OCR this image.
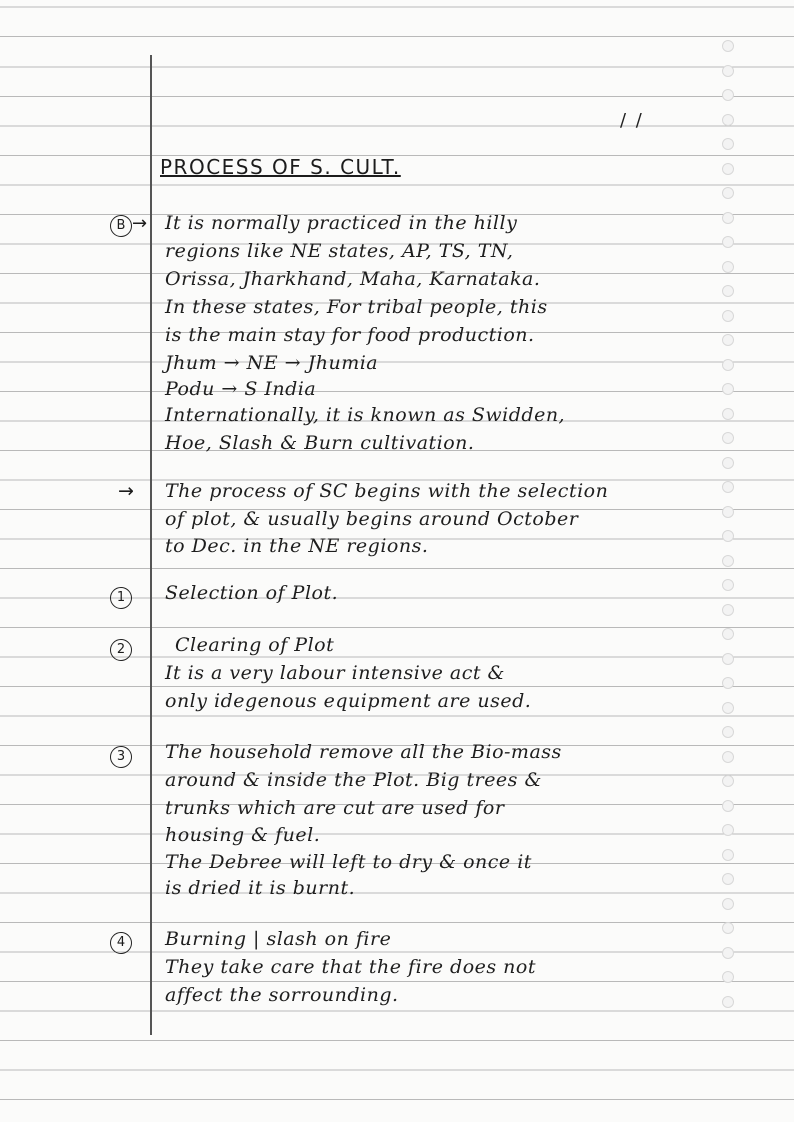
/ /
PROCESS OF S. CULT.
B → It is normally practiced in the hilly
regions like NE states, AP, TS, TN,
Orissa, Jharkhand, Maha, Karnataka.
In these states, For tribal people, this
is the main stay for food production.
Jhum → NE → Jhumia
Podu → S India
Internationally, it is known as Swidden,
Hoe, Slash & Burn cultivation.
→ The process of SC begins with the selection
of plot, & usually begins around October
to Dec. in the NE regions.
1	Selection of Plot.
2	Clearing of Plot
It is a very labour intensive act &
only idegenous equipment are used.
3	The household remove all the Bio-mass
around & inside the Plot. Big trees &
trunks which are cut are used for
housing & fuel.
The Debree will left to dry & once it
is dried it is burnt.
4	Burning | slash on fire
They take care that the fire does not
affect the sorrounding.
